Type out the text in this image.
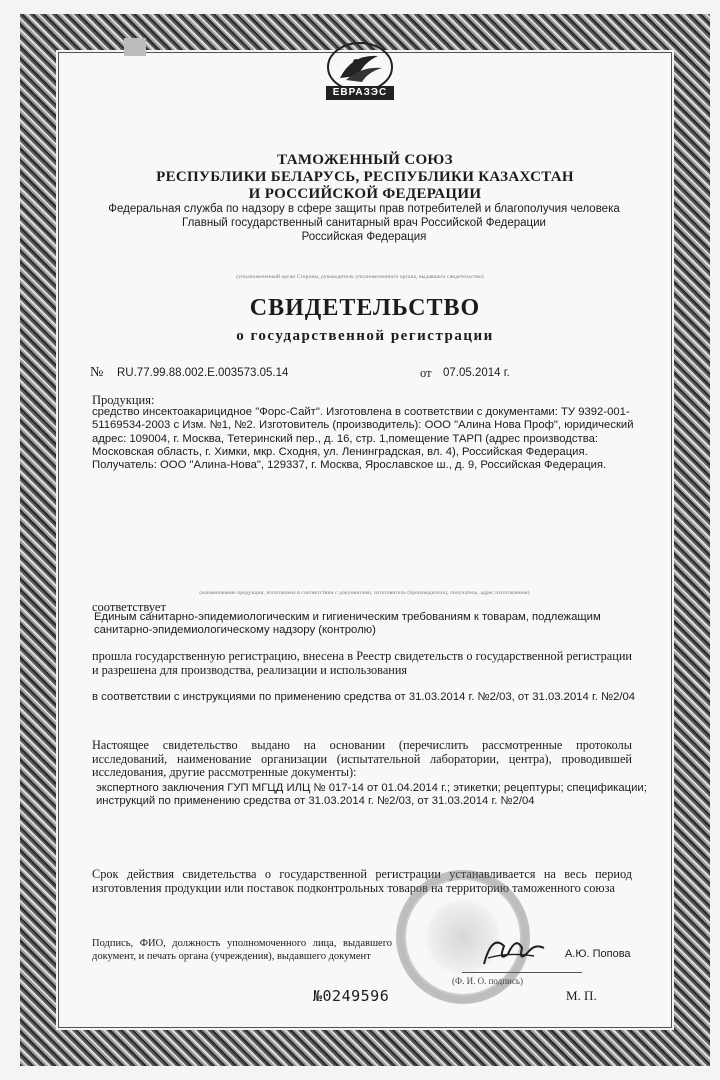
ЕВРАЗЭС
ТАМОЖЕННЫЙ СОЮЗ
РЕСПУБЛИКИ БЕЛАРУСЬ, РЕСПУБЛИКИ КАЗАХСТАН
И РОССИЙСКОЙ ФЕДЕРАЦИИ
Федеральная служба по надзору в сфере защиты прав потребителей и благополучия человека
Главный государственный санитарный врач Российской Федерации
Российская Федерация
(уполномоченный орган Стороны, руководитель уполномоченного органа, выдавшего свидетельство)
СВИДЕТЕЛЬСТВО
о государственной регистрации
№ RU.77.99.88.002.Е.003573.05.14	от 07.05.2014 г.
Продукция:
средство инсектоакарицидное "Форс-Сайт". Изготовлена в соответствии с документами: ТУ 9392-001-51169534-2003 с Изм. №1, №2. Изготовитель (производитель): ООО "Алина Нова Проф", юридический адрес: 109004, г. Москва, Тетеринский пер., д. 16, стр. 1,помещение ТАРП (адрес производства: Московская область, г. Химки, мкр. Сходня, ул. Ленинградская, вл. 4), Российская Федерация. Получатель: ООО "Алина-Нова", 129337, г. Москва, Ярославское ш., д. 9, Российская Федерация.
(наименование продукции, изготовлена в соответствии с документами, изготовитель (производитель), получатель, адрес изготовления)
соответствует
Единым санитарно-эпидемиологическим и гигиеническим требованиям к товарам, подлежащим санитарно-эпидемиологическому надзору (контролю)
прошла государственную регистрацию, внесена в Реестр свидетельств о государственной регистрации и разрешена для производства, реализации и использования
в соответствии с инструкциями по применению средства от 31.03.2014 г. №2/03, от 31.03.2014 г. №2/04
Настоящее свидетельство выдано на основании (перечислить рассмотренные протоколы исследований, наименование организации (испытательной лаборатории, центра), проводившей исследования, другие рассмотренные документы):
экспертного заключения ГУП МГЦД ИЛЦ № 017-14 от 01.04.2014 г.; этикетки; рецептуры; спецификации; инструкций по применению средства от 31.03.2014 г. №2/03, от 31.03.2014 г. №2/04
Срок действия свидетельства о государственной регистрации устанавливается на весь период изготовления продукции или поставок подконтрольных товаров на территорию таможенного союза
Подпись, ФИО, должность уполномоченного лица, выдавшего документ, и печать органа (учреждения), выдавшего документ	А.Ю. Попова
(Ф. И. О. подпись)
№0249596	М. П.
